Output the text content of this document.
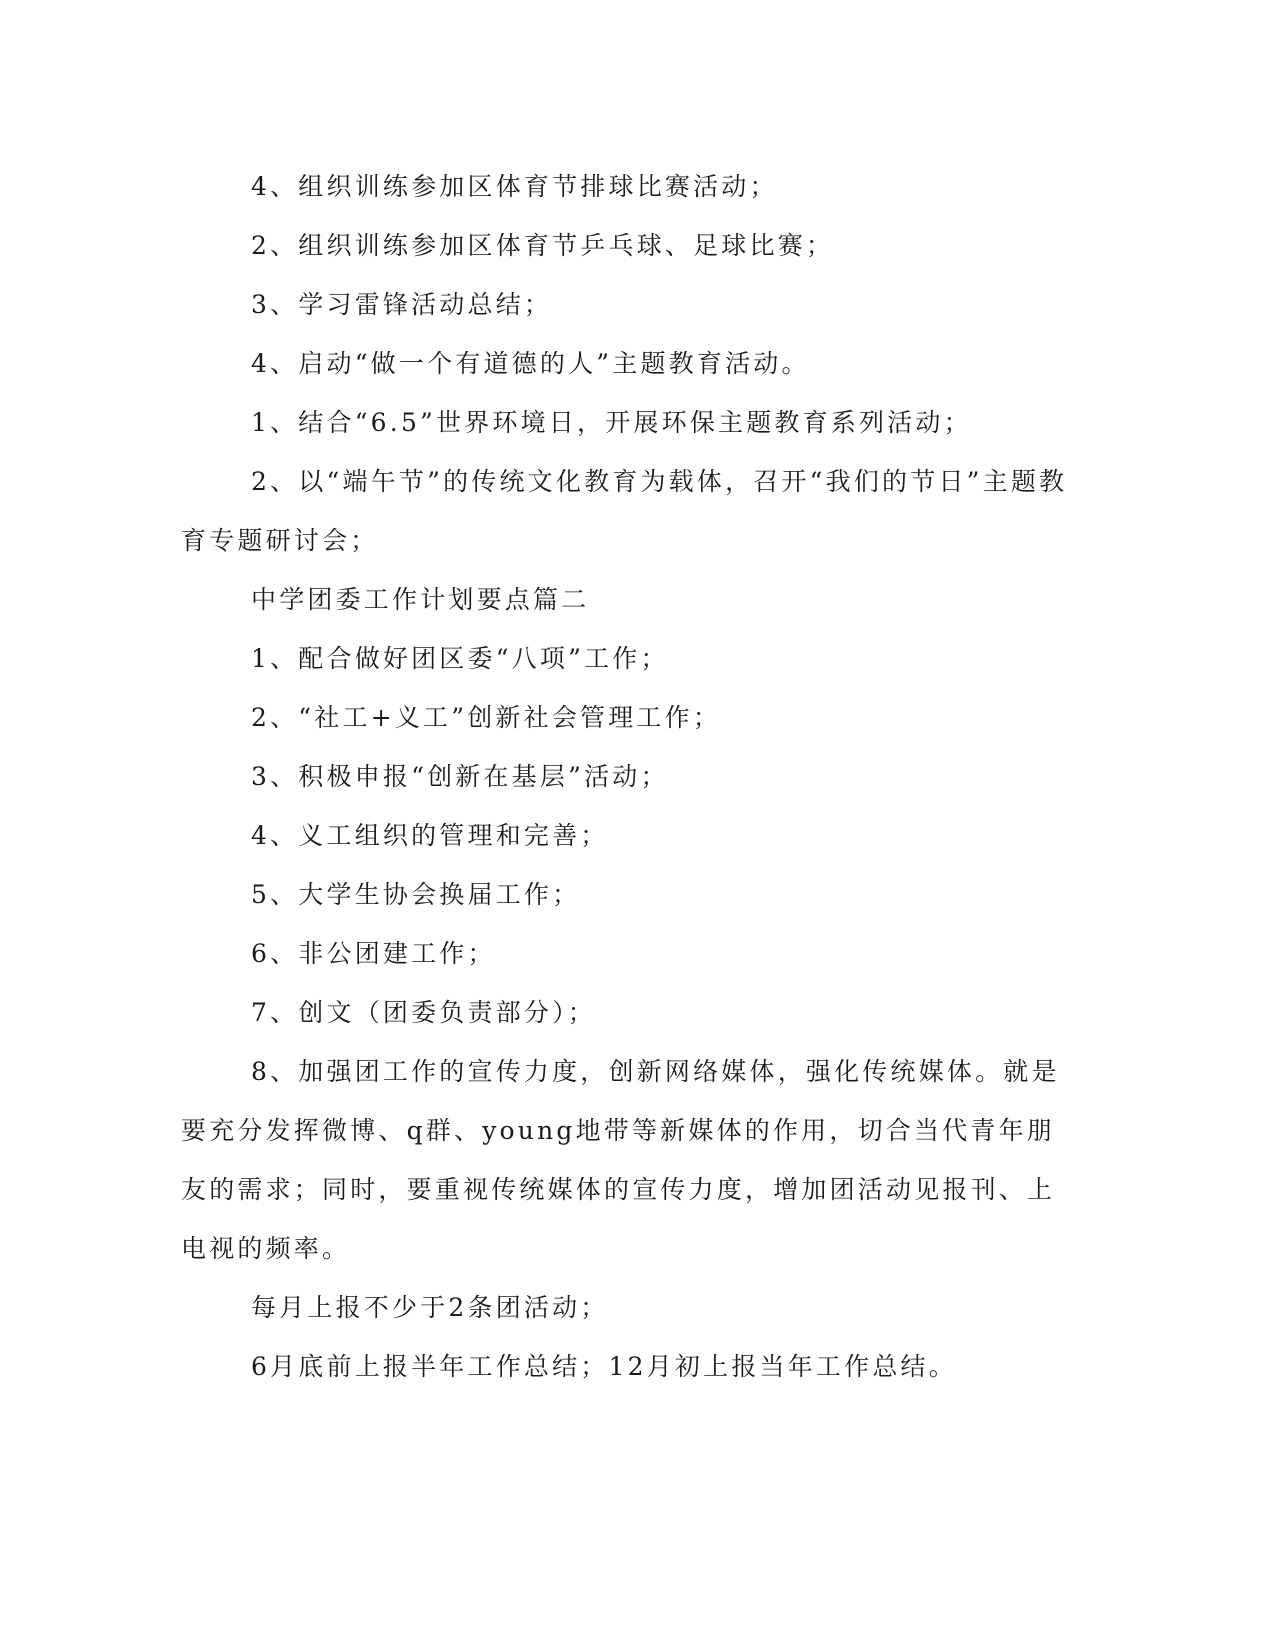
4、组织训练参加区体育节排球比赛活动；

2、组织训练参加区体育节乒乓球、足球比赛；

3、学习雷锋活动总结；

4、启动“做一个有道德的人”主题教育活动。

1、结合“6.5”世界环境日，开展环保主题教育系列活动；

2、以“端午节”的传统文化教育为载体，召开“我们的节日”主题教育专题研讨会；

中学团委工作计划要点篇二

1、配合做好团区委“八项”工作；

2、“社工+义工”创新社会管理工作；

3、积极申报“创新在基层”活动；

4、义工组织的管理和完善；

5、大学生协会换届工作；

6、非公团建工作；

7、创文（团委负责部分）；

8、加强团工作的宣传力度，创新网络媒体，强化传统媒体。就是要充分发挥微博、q群、young地带等新媒体的作用，切合当代青年朋友的需求；同时，要重视传统媒体的宣传力度，增加团活动见报刊、上电视的频率。

每月上报不少于2条团活动；

6月底前上报半年工作总结；12月初上报当年工作总结。
